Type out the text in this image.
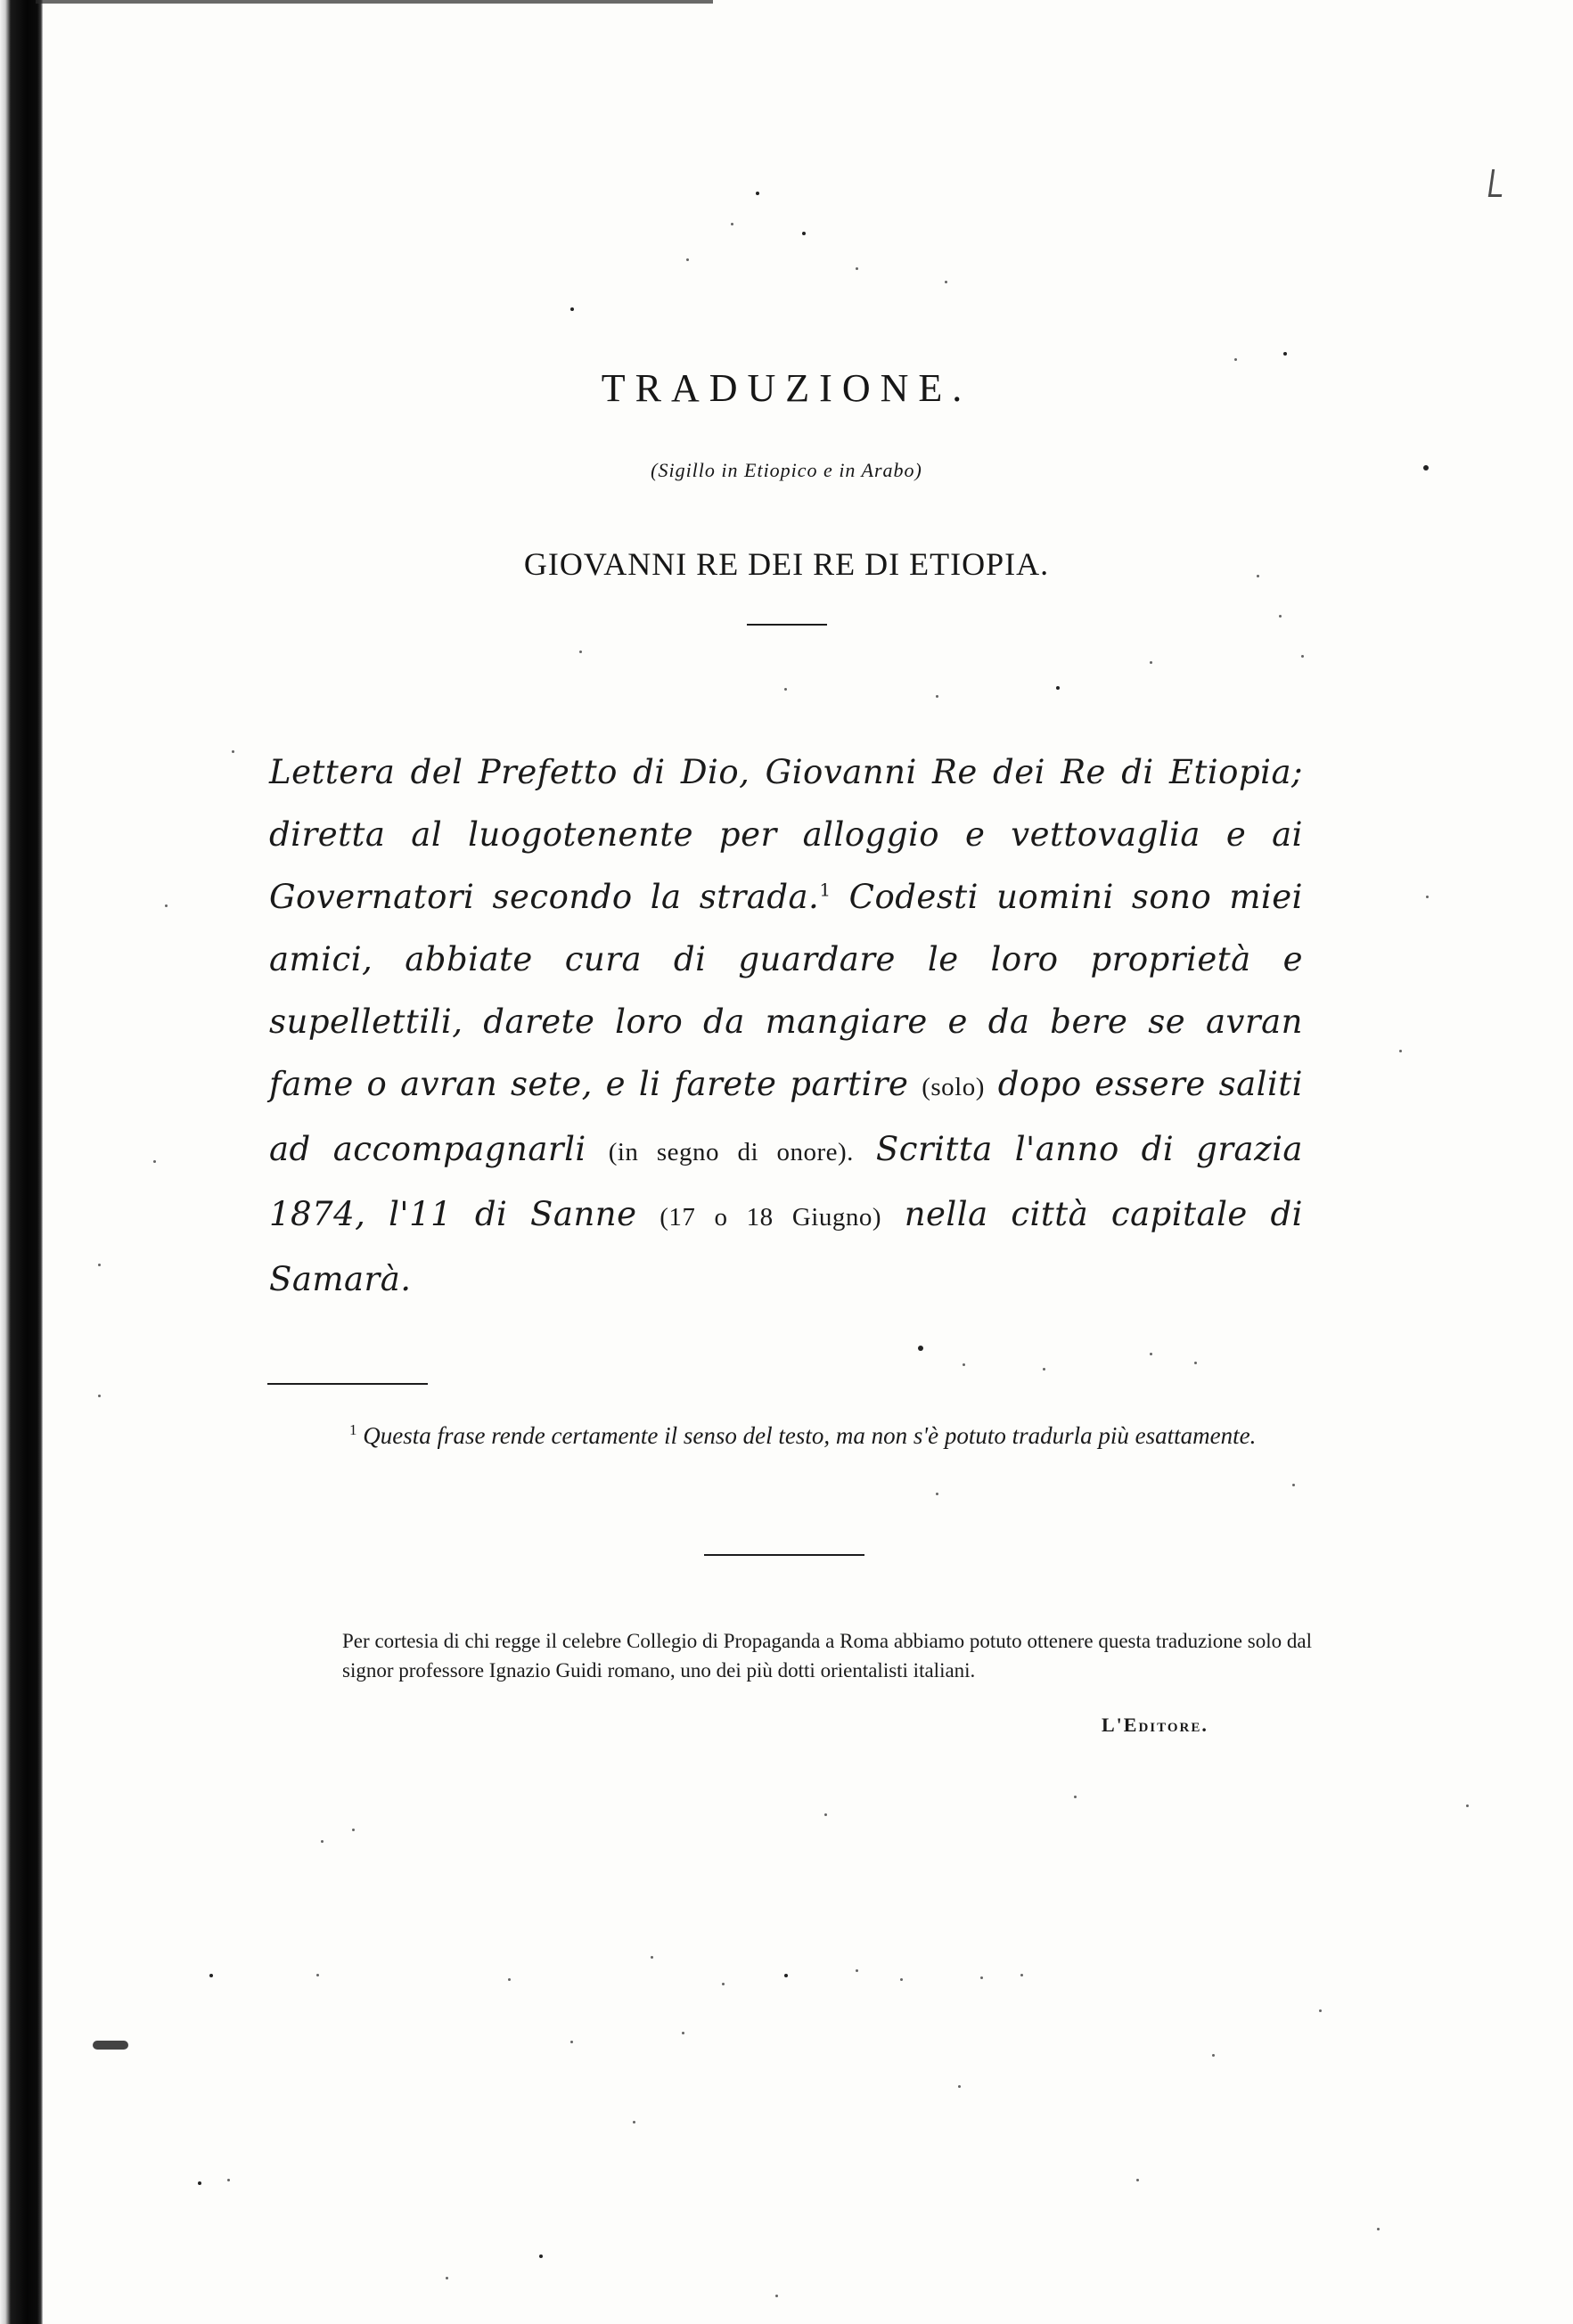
TRADUZIONE.
(Sigillo in Etiopico e in Arabo)
GIOVANNI RE DEI RE DI ETIOPIA.

Lettera del Prefetto di Dio, Giovanni Re dei Re di Etiopia; diretta al luogotenente per alloggio e vettovaglia e ai Governatori secondo la strada.$^1$ Codesti uomini sono miei amici, abbiate cura di guardare le loro proprietà e supellettili, darete loro da mangiare e da bere se avran fame o avran sete, e li farete partire (solo) dopo essere saliti ad accompagnarli (in segno di onore). Scritta l'anno di grazia 1874, l'11 di Sanne (17 o 18 Giugno) nella città capitale di Samarà.

$^1$ Questa frase rende certamente il senso del testo, ma non s'è potuto tradurla più esattamente.

Per cortesia di chi regge il celebre Collegio di Propaganda a Roma abbiamo potuto ottenere questa traduzione solo dal signor professore Ignazio Guidi romano, uno dei più dotti orientalisti italiani.

L'Editore.
